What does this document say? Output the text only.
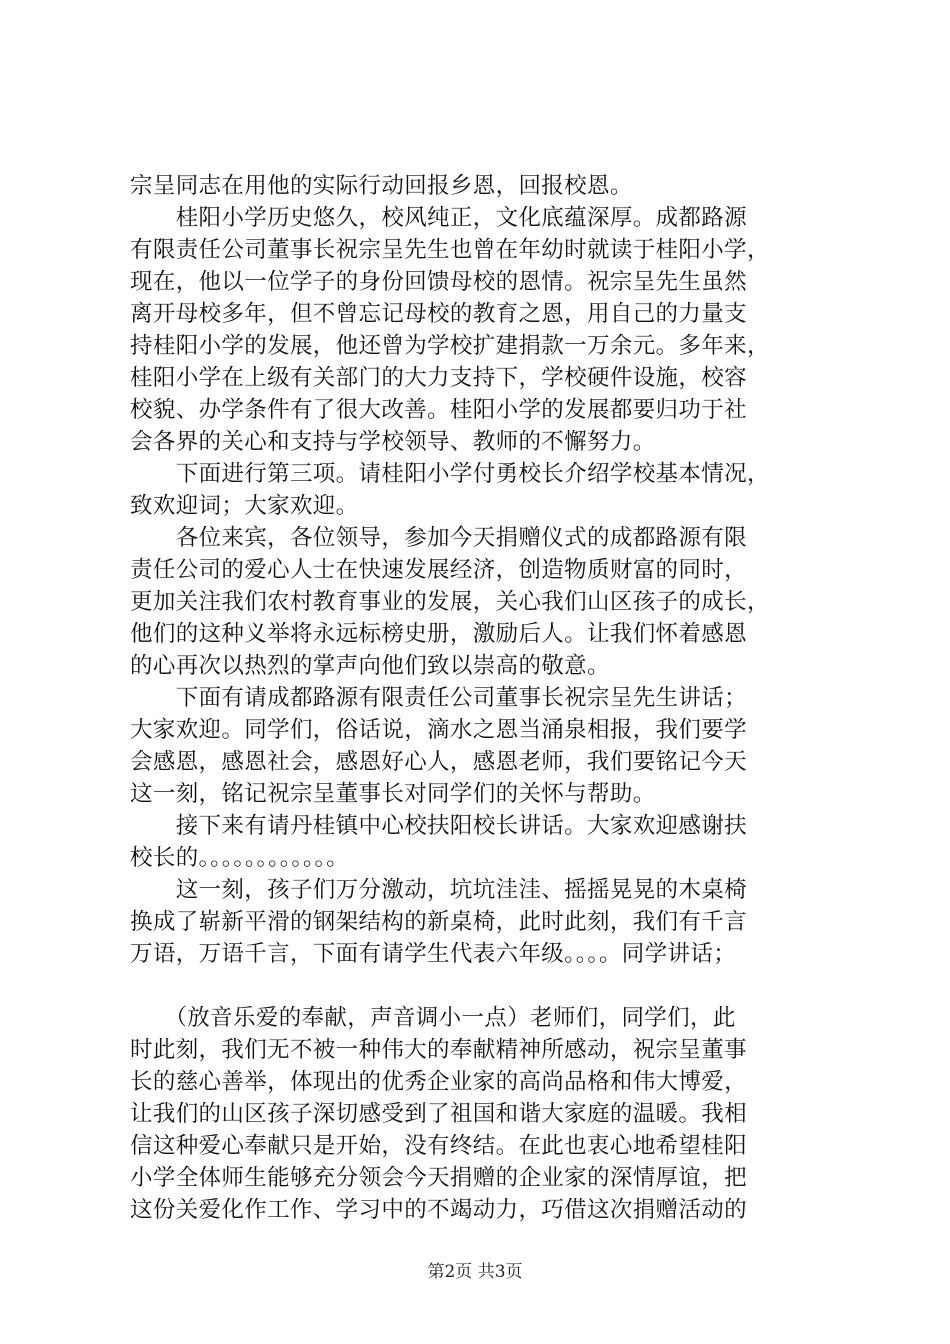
宗呈同志在用他的实际行动回报乡恩，回报校恩。
　　桂阳小学历史悠久，校风纯正，文化底蕴深厚。成都路源
有限责任公司董事长祝宗呈先生也曾在年幼时就读于桂阳小学，
现在，他以一位学子的身份回馈母校的恩情。祝宗呈先生虽然
离开母校多年，但不曾忘记母校的教育之恩，用自己的力量支
持桂阳小学的发展，他还曾为学校扩建捐款一万余元。多年来，
桂阳小学在上级有关部门的大力支持下，学校硬件设施，校容
校貌、办学条件有了很大改善。桂阳小学的发展都要归功于社
会各界的关心和支持与学校领导、教师的不懈努力。
　　下面进行第三项。请桂阳小学付勇校长介绍学校基本情况，
致欢迎词；大家欢迎。
　　各位来宾，各位领导，参加今天捐赠仪式的成都路源有限
责任公司的爱心人士在快速发展经济，创造物质财富的同时，
更加关注我们农村教育事业的发展，关心我们山区孩子的成长，
他们的这种义举将永远标榜史册，激励后人。让我们怀着感恩
的心再次以热烈的掌声向他们致以崇高的敬意。
　　下面有请成都路源有限责任公司董事长祝宗呈先生讲话；
大家欢迎。同学们，俗话说，滴水之恩当涌泉相报，我们要学
会感恩，感恩社会，感恩好心人，感恩老师，我们要铭记今天
这一刻，铭记祝宗呈董事长对同学们的关怀与帮助。
　　接下来有请丹桂镇中心校扶阳校长讲话。大家欢迎感谢扶
校长的。。。。。。。。。。。。
　　这一刻，孩子们万分激动，坑坑洼洼、摇摇晃晃的木桌椅
换成了崭新平滑的钢架结构的新桌椅，此时此刻，我们有千言
万语，万语千言，下面有请学生代表六年级。。。。同学讲话；
　　（放音乐爱的奉献，声音调小一点）老师们，同学们，此
时此刻，我们无不被一种伟大的奉献精神所感动，祝宗呈董事
长的慈心善举，体现出的优秀企业家的高尚品格和伟大博爱，
让我们的山区孩子深切感受到了祖国和谐大家庭的温暖。我相
信这种爱心奉献只是开始，没有终结。在此也衷心地希望桂阳
小学全体师生能够充分领会今天捐赠的企业家的深情厚谊，把
这份关爱化作工作、学习中的不竭动力，巧借这次捐赠活动的
第2页 共3页
